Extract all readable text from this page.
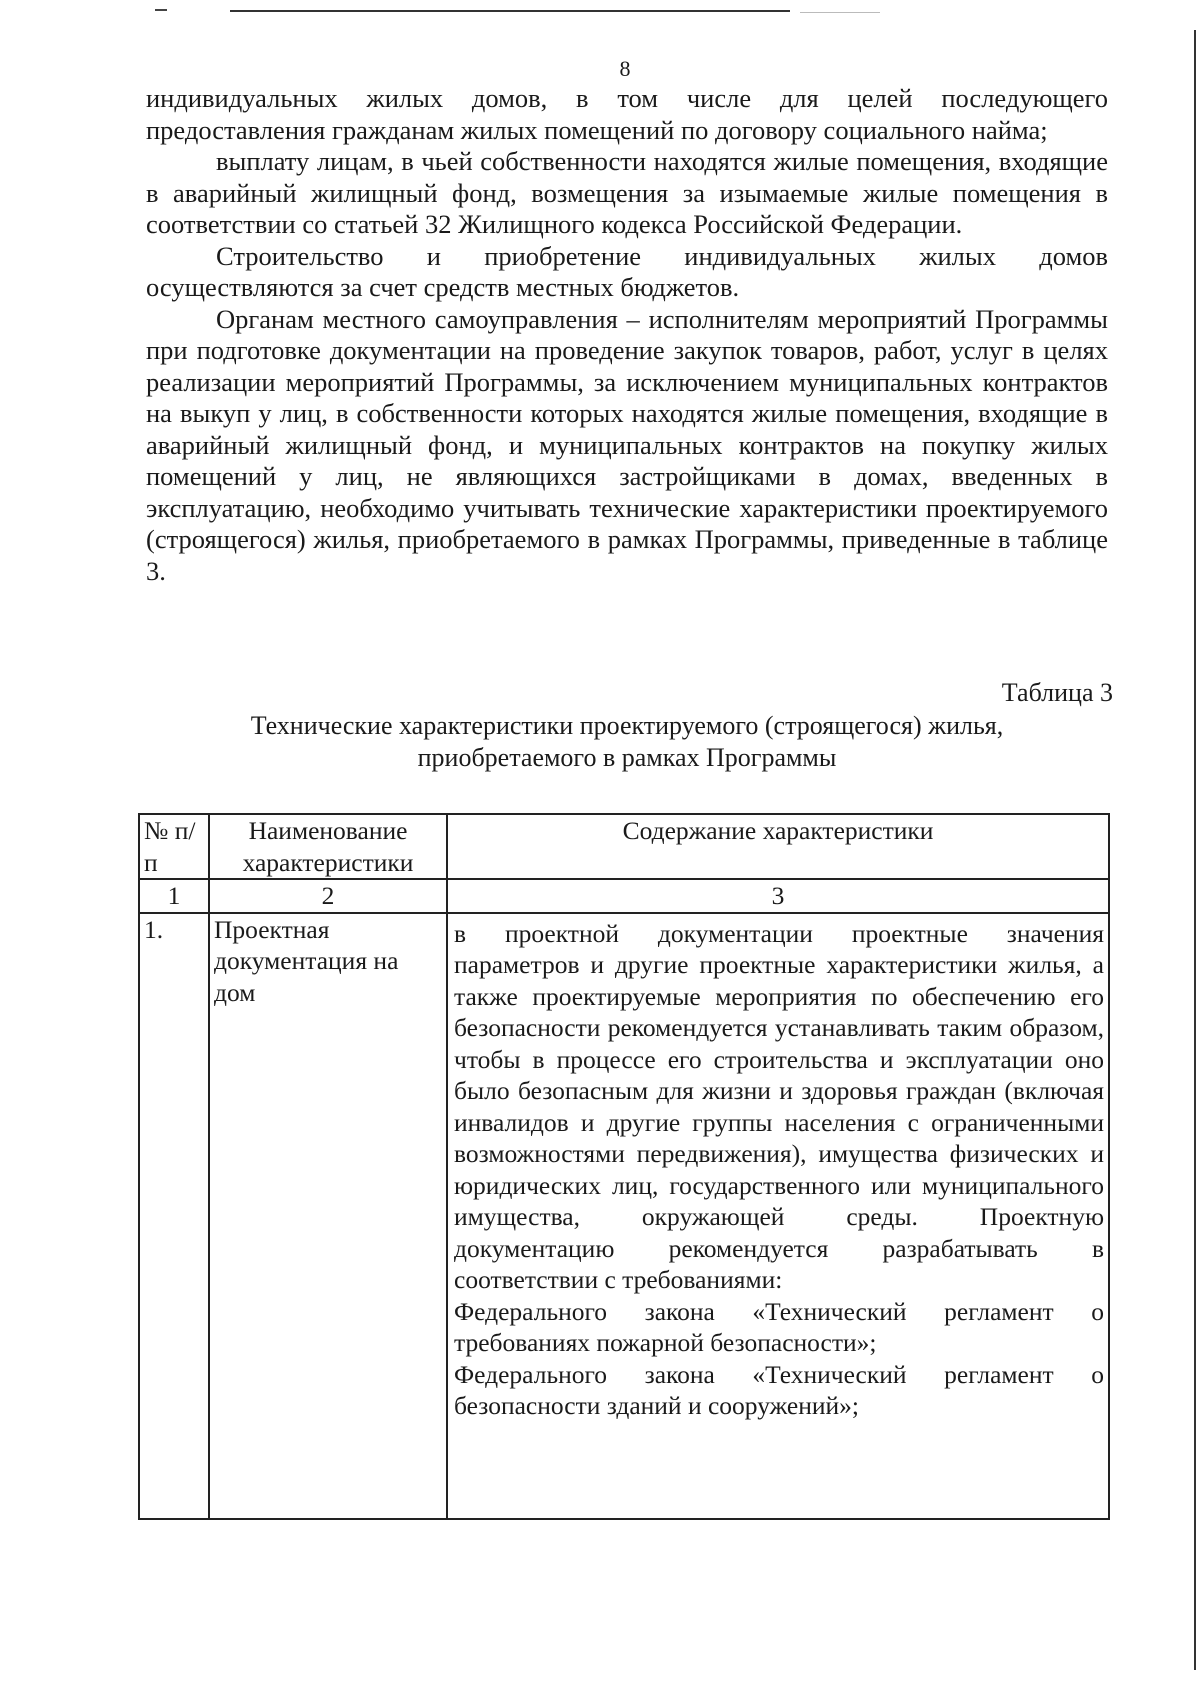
8

индивидуальных жилых домов, в том числе для целей последующего предоставления гражданам жилых помещений по договору социального найма;

выплату лицам, в чьей собственности находятся жилые помещения, входящие в аварийный жилищный фонд, возмещения за изымаемые жилые помещения в соответствии со статьей 32 Жилищного кодекса Российской Федерации.

Строительство и приобретение индивидуальных жилых домов осуществляются за счет средств местных бюджетов.

Органам местного самоуправления – исполнителям мероприятий Программы при подготовке документации на проведение закупок товаров, работ, услуг в целях реализации мероприятий Программы, за исключением муниципальных контрактов на выкуп у лиц, в собственности которых находятся жилые помещения, входящие в аварийный жилищный фонд, и муниципальных контрактов на покупку жилых помещений у лиц, не являющихся застройщиками в домах, введенных в эксплуатацию, необходимо учитывать технические характеристики проектируемого (строящегося) жилья, приобретаемого в рамках Программы, приведенные в таблице 3.

Таблица 3
Технические характеристики проектируемого (строящегося) жилья,
приобретаемого в рамках Программы
№ п/п	Наименование характеристики	Содержание характеристики
1	2	3
1.	Проектная документация на дом	в проектной документации проектные значения параметров и другие проектные характеристики жилья, а также проектируемые мероприятия по обеспечению его безопасности рекомендуется устанавливать таким образом, чтобы в процессе его строительства и эксплуатации оно было безопасным для жизни и здоровья граждан (включая инвалидов и другие группы населения с ограниченными возможностями передвижения), имущества физических и юридических лиц, государственного или муниципального имущества, окружающей среды. Проектную документацию рекомендуется разрабатывать в соответствии с требованиями:

Федерального закона «Технический регламент о требованиях пожарной безопасности»;

Федерального закона «Технический регламент о безопасности зданий и сооружений»;
